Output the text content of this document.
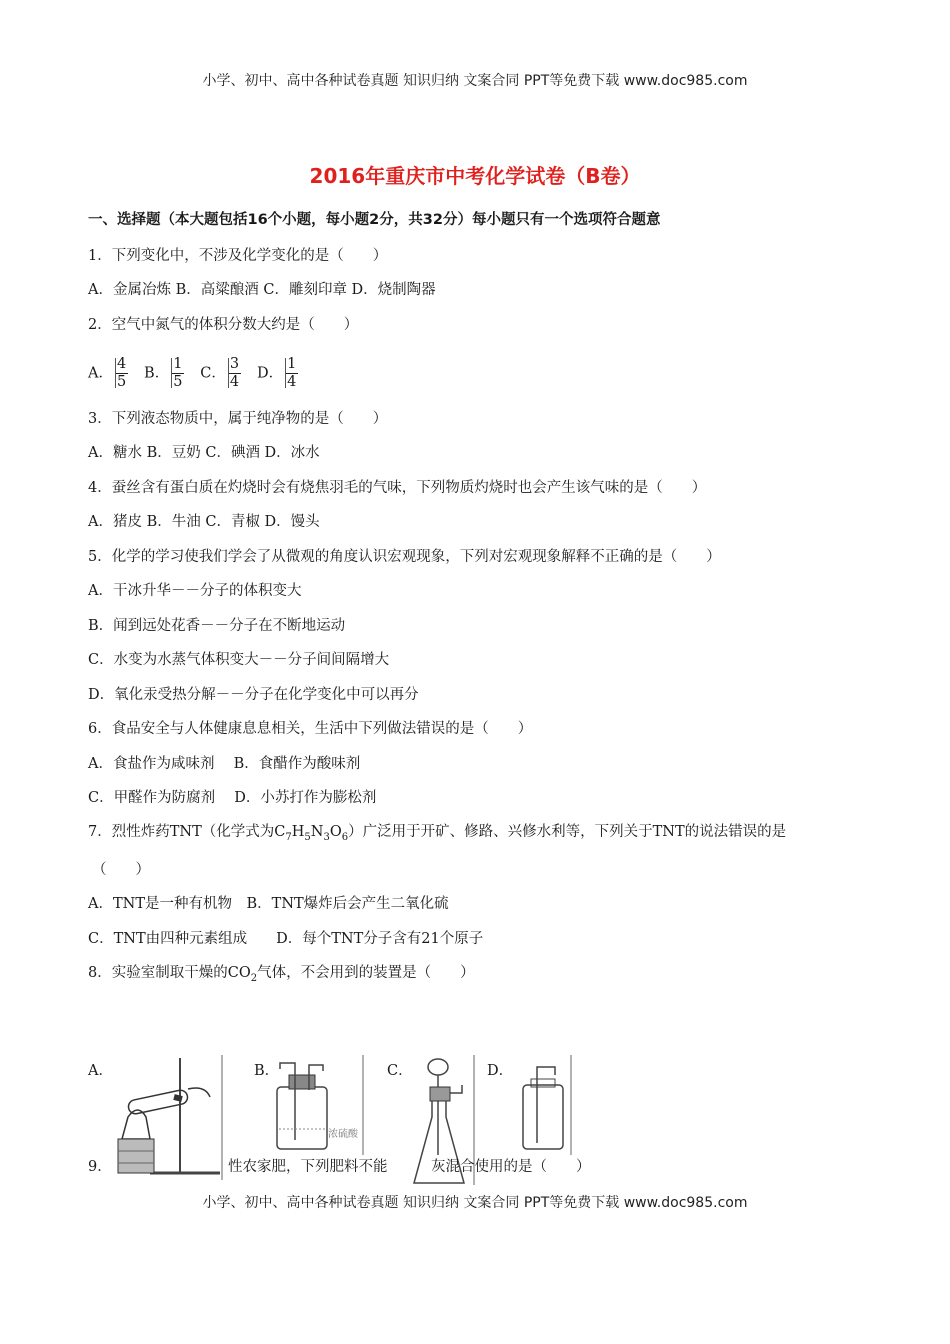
小学、初中、高中各种试卷真题 知识归纳 文案合同 PPT等免费下载 www.doc985.com
2016年重庆市中考化学试卷（B卷）
一、选择题（本大题包括16个小题，每小题2分，共32分）每小题只有一个选项符合题意
1．下列变化中，不涉及化学变化的是（　　）
A．金属冶炼 B．高粱酿酒 C．雕刻印章 D．烧制陶器
2．空气中氮气的体积分数大约是（　　）
A． $\frac{4}{5}$ B． $\frac{1}{5}$ C． $\frac{3}{4}$ D． $\frac{1}{4}$
3．下列液态物质中，属于纯净物的是（　　）
A．糖水 B．豆奶 C．碘酒 D．冰水
4．蚕丝含有蛋白质在灼烧时会有烧焦羽毛的气味，下列物质灼烧时也会产生该气味的是（　　）
A．猪皮 B．牛油 C．青椒 D．馒头
5．化学的学习使我们学会了从微观的角度认识宏观现象，下列对宏观现象解释不正确的是（　　）
A．干冰升华－－分子的体积变大
B．闻到远处花香－－分子在不断地运动
C．水变为水蒸气体积变大－－分子间间隔增大
D．氧化汞受热分解－－分子在化学变化中可以再分
6．食品安全与人体健康息息相关，生活中下列做法错误的是（　　）
A．食盐作为咸味剂　 B．食醋作为酸味剂
C．甲醛作为防腐剂　 D．小苏打作为膨松剂
7．烈性炸药TNT（化学式为$C_7H_5N_3O_6$）广泛用于开矿、修路、兴修水利等，下列关于TNT的说法错误的是
（　　）
A．TNT是一种有机物　B．TNT爆炸后会产生二氧化硫
C．TNT由四种元素组成　　D．每个TNT分子含有21个原子
8．实验室制取干燥的$CO_2$气体，不会用到的装置是（　　）
A．	B．	C．	D．
浓硫酸
9．	性农家肥，下列肥料不能　　　灰混合使用的是（　　）
小学、初中、高中各种试卷真题 知识归纳 文案合同 PPT等免费下载 www.doc985.com
